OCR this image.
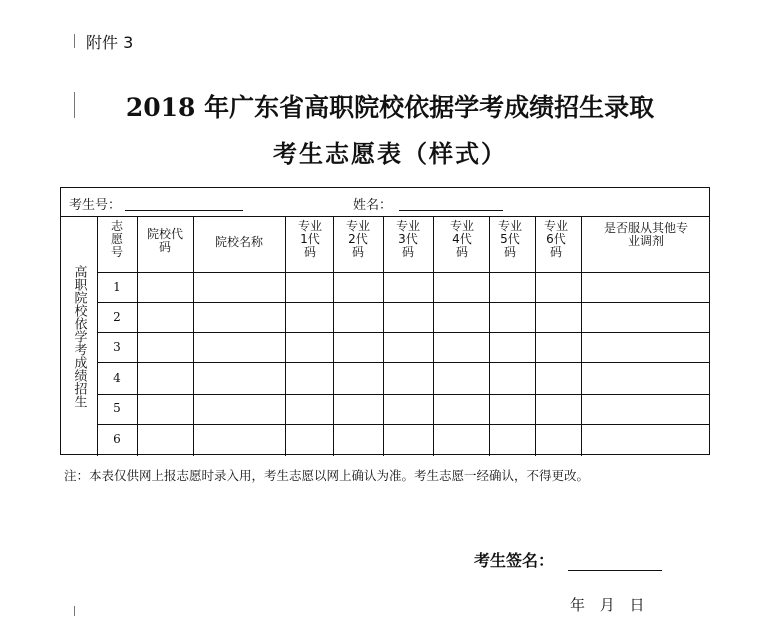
附件 3
2018 年广东省高职院校依据学考成绩招生录取
考生志愿表（样式）
考生号：	姓名：
高职院校依学考成绩招生
志愿号
院校代码	院校名称
专业1代码
专业2代码
专业3代码
专业4代码
专业5代码
专业6代码
是否服从其他专业调剂
1
2
3
4
5
6
注：本表仅供网上报志愿时录入用，考生志愿以网上确认为准。考生志愿一经确认，不得更改。
考生签名：
年 月 日
